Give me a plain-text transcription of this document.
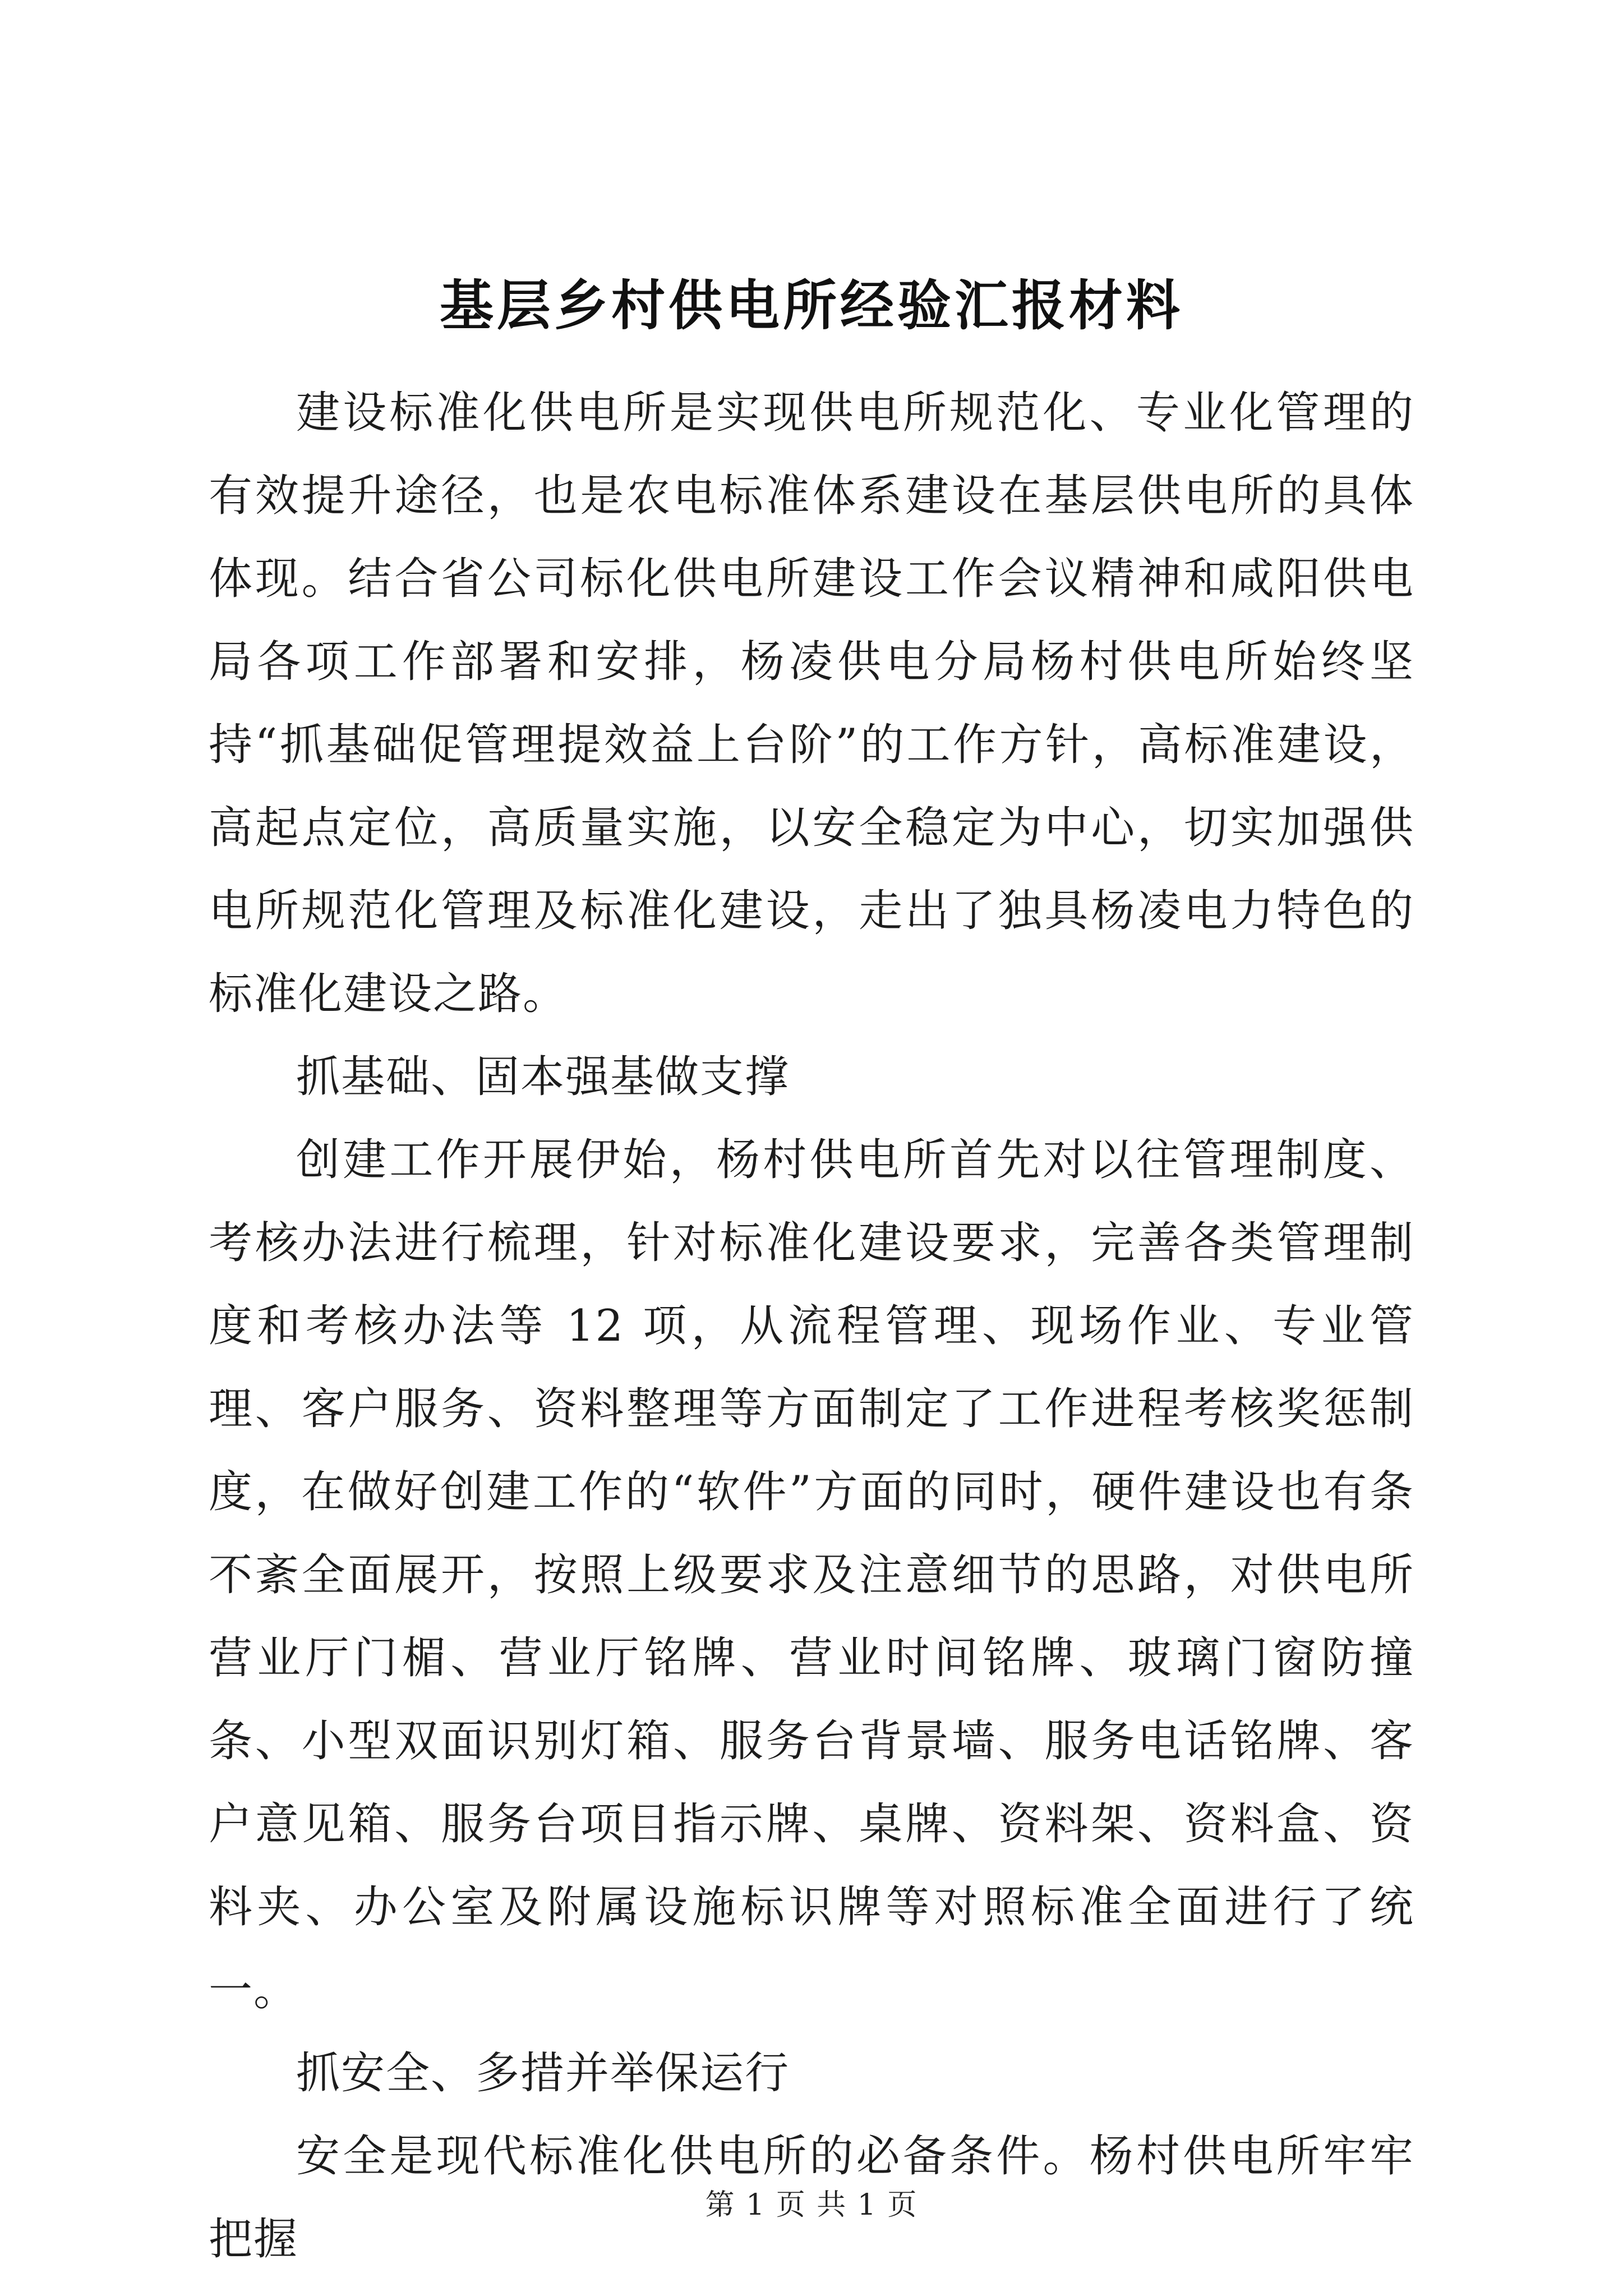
基层乡村供电所经验汇报材料

建设标准化供电所是实现供电所规范化、专业化管理的有效提升途径，也是农电标准体系建设在基层供电所的具体体现。结合省公司标化供电所建设工作会议精神和咸阳供电局各项工作部署和安排，杨凌供电分局杨村供电所始终坚持“抓基础促管理提效益上台阶”的工作方针，高标准建设，高起点定位，高质量实施，以安全稳定为中心，切实加强供电所规范化管理及标准化建设，走出了独具杨凌电力特色的标准化建设之路。

抓基础、固本强基做支撑

创建工作开展伊始，杨村供电所首先对以往管理制度、考核办法进行梳理，针对标准化建设要求，完善各类管理制度和考核办法等 12 项，从流程管理、现场作业、专业管理、客户服务、资料整理等方面制定了工作进程考核奖惩制度，在做好创建工作的“软件”方面的同时，硬件建设也有条不紊全面展开，按照上级要求及注意细节的思路，对供电所营业厅门楣、营业厅铭牌、营业时间铭牌、玻璃门窗防撞条、小型双面识别灯箱、服务台背景墙、服务电话铭牌、客户意见箱、服务台项目指示牌、桌牌、资料架、资料盒、资料夹、办公室及附属设施标识牌等对照标准全面进行了统一。

抓安全、多措并举保运行

安全是现代标准化供电所的必备条件。杨村供电所牢牢把握

第 1 页 共 1 页
